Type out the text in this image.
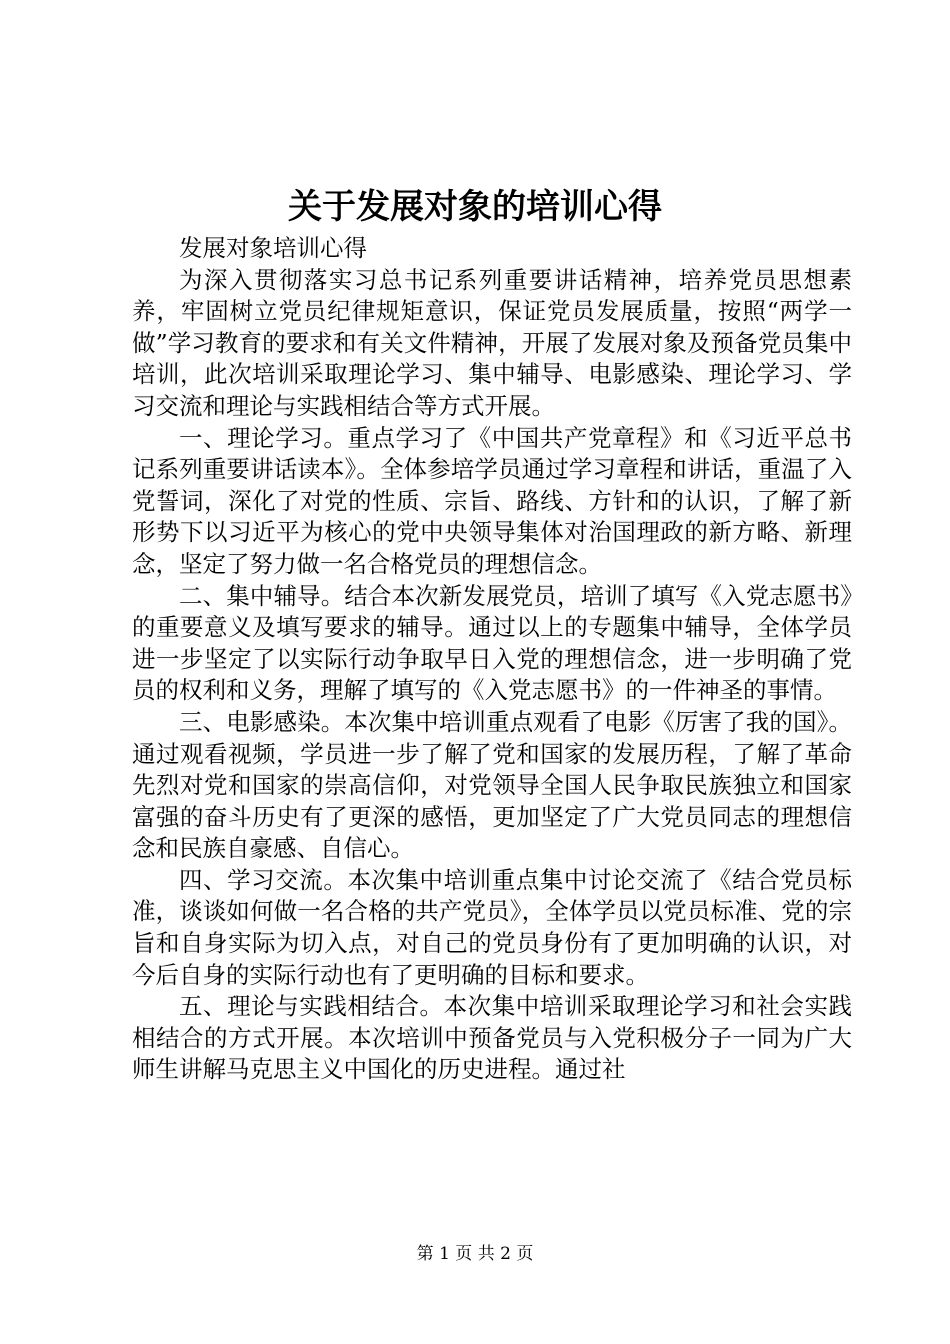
关于发展对象的培训心得

发展对象培训心得

为深入贯彻落实习总书记系列重要讲话精神，培养党员思想素养，牢固树立党员纪律规矩意识，保证党员发展质量，按照“两学一做”学习教育的要求和有关文件精神，开展了发展对象及预备党员集中培训，此次培训采取理论学习、集中辅导、电影感染、理论学习、学习交流和理论与实践相结合等方式开展。

一、理论学习。重点学习了《中国共产党章程》和《习近平总书记系列重要讲话读本》。全体参培学员通过学习章程和讲话，重温了入党誓词，深化了对党的性质、宗旨、路线、方针和的认识，了解了新形势下以习近平为核心的党中央领导集体对治国理政的新方略、新理念，坚定了努力做一名合格党员的理想信念。

二、集中辅导。结合本次新发展党员，培训了填写《入党志愿书》的重要意义及填写要求的辅导。通过以上的专题集中辅导，全体学员进一步坚定了以实际行动争取早日入党的理想信念，进一步明确了党员的权利和义务，理解了填写的《入党志愿书》的一件神圣的事情。

三、电影感染。本次集中培训重点观看了电影《厉害了我的国》。通过观看视频，学员进一步了解了党和国家的发展历程，了解了革命先烈对党和国家的崇高信仰，对党领导全国人民争取民族独立和国家富强的奋斗历史有了更深的感悟，更加坚定了广大党员同志的理想信念和民族自豪感、自信心。

四、学习交流。本次集中培训重点集中讨论交流了《结合党员标准，谈谈如何做一名合格的共产党员》，全体学员以党员标准、党的宗旨和自身实际为切入点，对自己的党员身份有了更加明确的认识，对今后自身的实际行动也有了更明确的目标和要求。

五、理论与实践相结合。本次集中培训采取理论学习和社会实践相结合的方式开展。本次培训中预备党员与入党积极分子一同为广大师生讲解马克思主义中国化的历史进程。通过社

第 1 页 共 2 页
